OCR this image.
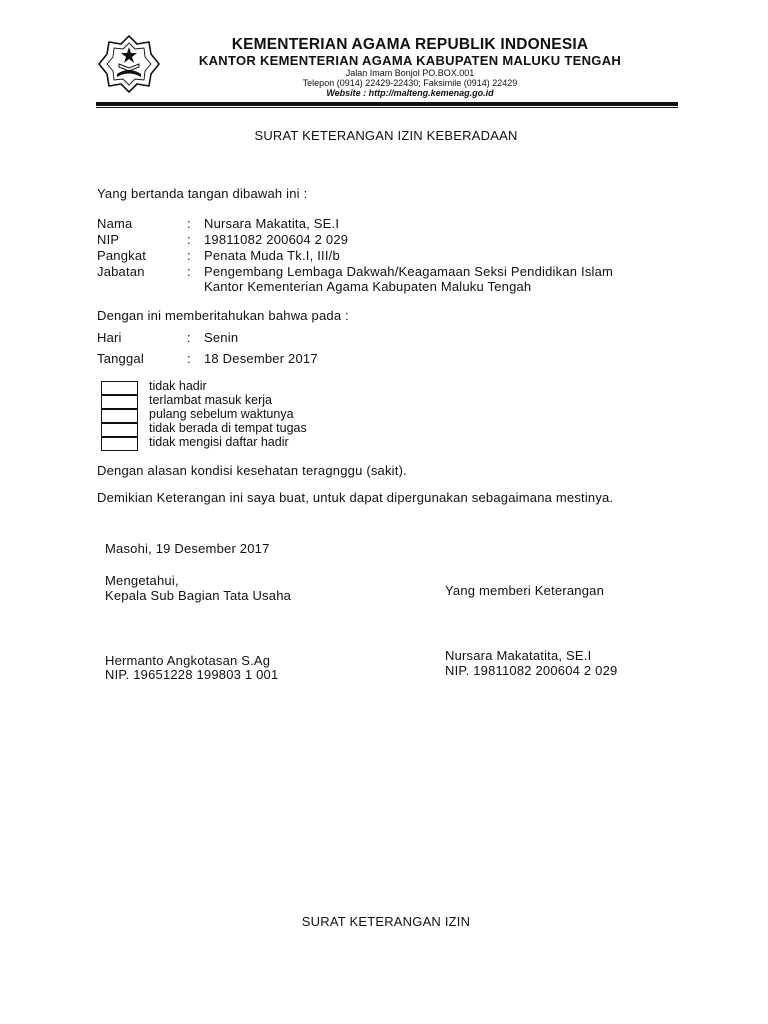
KEMENTERIAN AGAMA REPUBLIK INDONESIA
KANTOR KEMENTERIAN AGAMA KABUPATEN MALUKU TENGAH
Jalan Imam Bonjol PO.BOX.001
Telepon (0914) 22429-22430; Faksimile (0914) 22429
Website : http://malteng.kemenag.go.id
SURAT KETERANGAN IZIN KEBERADAAN
Yang bertanda tangan dibawah ini :
Nama	: Nursara Makatita, SE.I
NIP	: 19811082 200604 2 029
Pangkat	: Penata Muda Tk.I, III/b
Jabatan	: Pengembang Lembaga Dakwah/Keagamaan Seksi Pendidikan Islam
Kantor Kementerian Agama Kabupaten Maluku Tengah
Dengan ini memberitahukan bahwa pada :
Hari	: Senin
Tanggal	: 18 Desember 2017
tidak hadir
terlambat masuk kerja
pulang sebelum waktunya
tidak berada di tempat tugas
tidak mengisi daftar hadir
Dengan alasan kondisi kesehatan teragnggu (sakit).
Demikian Keterangan ini saya buat, untuk dapat dipergunakan sebagaimana mestinya.
Masohi, 19 Desember 2017
Mengetahui,
Kepala Sub Bagian Tata Usaha	Yang memberi Keterangan
Hermanto Angkotasan S.Ag
NIP. 19651228 199803 1 001
Nursara Makatatita, SE.I
NIP. 19811082 200604 2 029
SURAT KETERANGAN IZIN
